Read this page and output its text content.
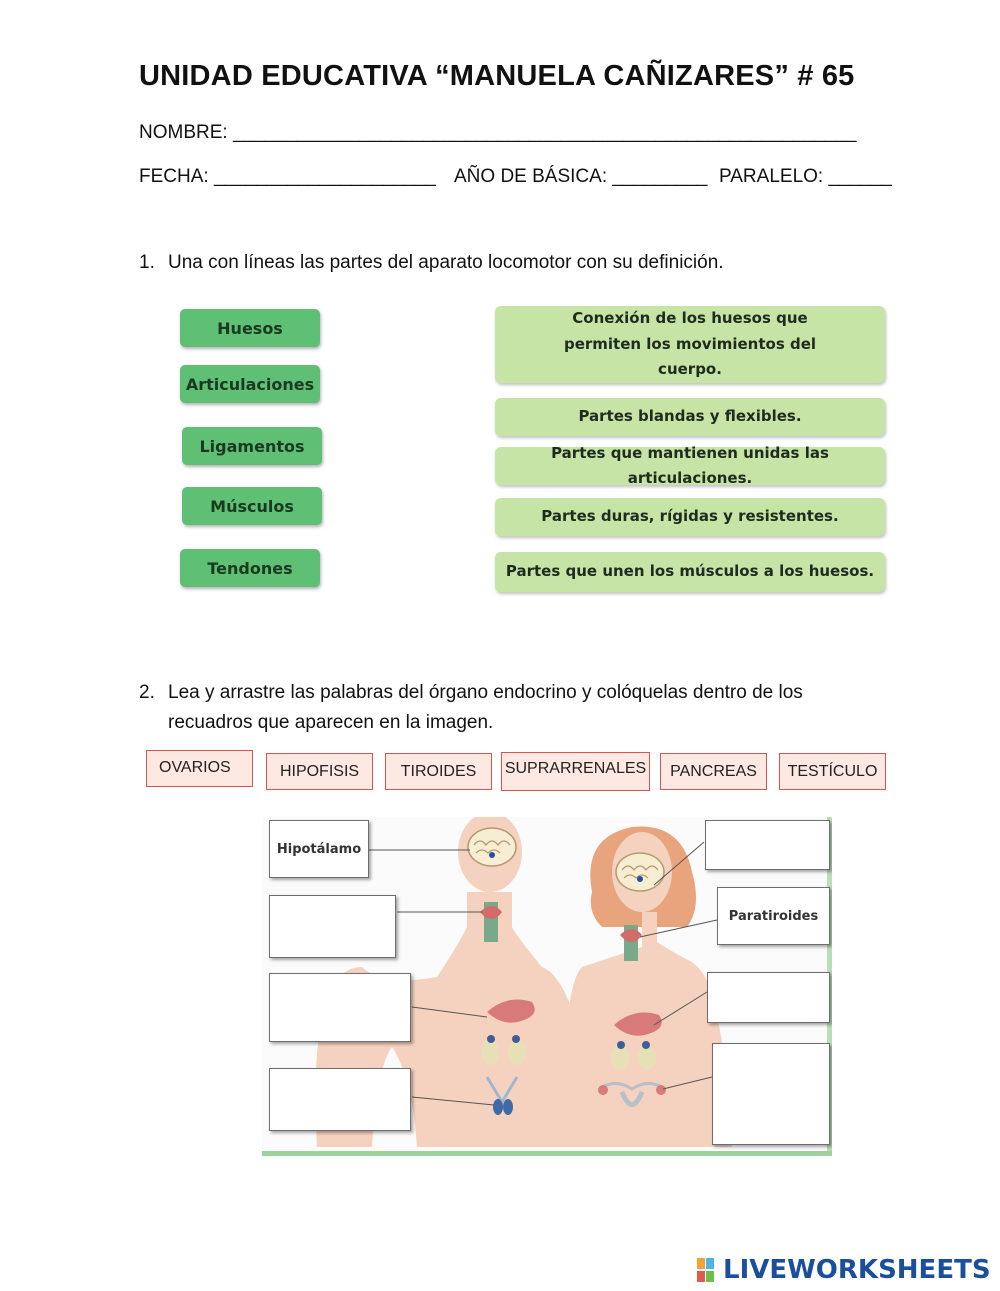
UNIDAD EDUCATIVA “MANUELA CAÑIZARES” # 65
NOMBRE: ___________________________________________________________
FECHA: _____________________ AÑO DE BÁSICA: _________ PARALELO: ______
1. Una con líneas las partes del aparato locomotor con su definición.
Huesos
Articulaciones
Ligamentos
Músculos
Tendones
Conexión de los huesos que permiten los movimientos del cuerpo.
Partes blandas y flexibles.
Partes que mantienen unidas las articulaciones.
Partes duras, rígidas y resistentes.
Partes que unen los músculos a los huesos.
2. Lea y arrastre las palabras del órgano endocrino y colóquelas dentro de los
recuadros que aparecen en la imagen.
OVARIOS	HIPOFISIS	TIROIDES	SUPRARRENALES	PANCREAS	TESTÍCULO
Hipotálamo
Paratiroides
LIVEWORKSHEETS
